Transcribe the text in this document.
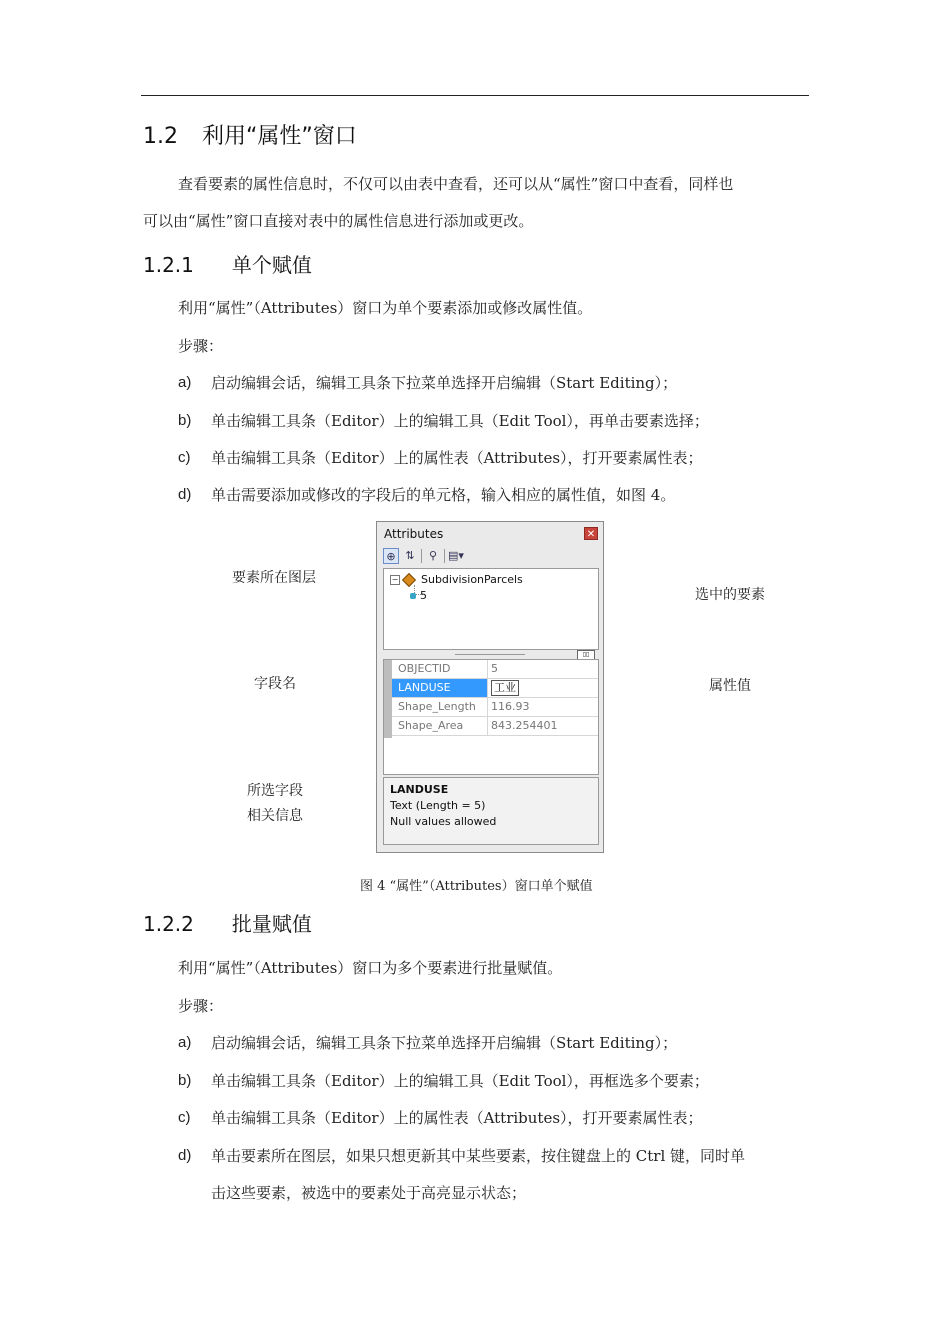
1.2 利用“属性”窗口
查看要素的属性信息时，不仅可以由表中查看，还可以从“属性”窗口中查看，同样也
可以由“属性”窗口直接对表中的属性信息进行添加或更改。
1.2.1 单个赋值
利用“属性”（Attributes）窗口为单个要素添加或修改属性值。
步骤：
a) 启动编辑会话，编辑工具条下拉菜单选择开启编辑（Start Editing）；
b) 单击编辑工具条（Editor）上的编辑工具（Edit Tool），再单击要素选择；
c) 单击编辑工具条（Editor）上的属性表（Attributes），打开要素属性表；
d) 单击需要添加或修改的字段后的单元格，输入相应的属性值，如图 4。
要素所在图层
选中的要素
字段名	属性值
所选字段
相关信息
Attributes	✕
⊕ ⇅	⚲	▤▾
− SubdivisionParcels
5
▯▯
OBJECTID	5
LANDUSE	工业
Shape_Length	116.93
Shape_Area	843.254401
LANDUSE
Text (Length = 5)
Null values allowed
图 4 “属性”（Attributes）窗口单个赋值
1.2.2 批量赋值
利用“属性”（Attributes）窗口为多个要素进行批量赋值。
步骤：
a) 启动编辑会话，编辑工具条下拉菜单选择开启编辑（Start Editing）；
b) 单击编辑工具条（Editor）上的编辑工具（Edit Tool），再框选多个要素；
c) 单击编辑工具条（Editor）上的属性表（Attributes），打开要素属性表；
d) 单击要素所在图层，如果只想更新其中某些要素，按住键盘上的 Ctrl 键，同时单
击这些要素，被选中的要素处于高亮显示状态；
